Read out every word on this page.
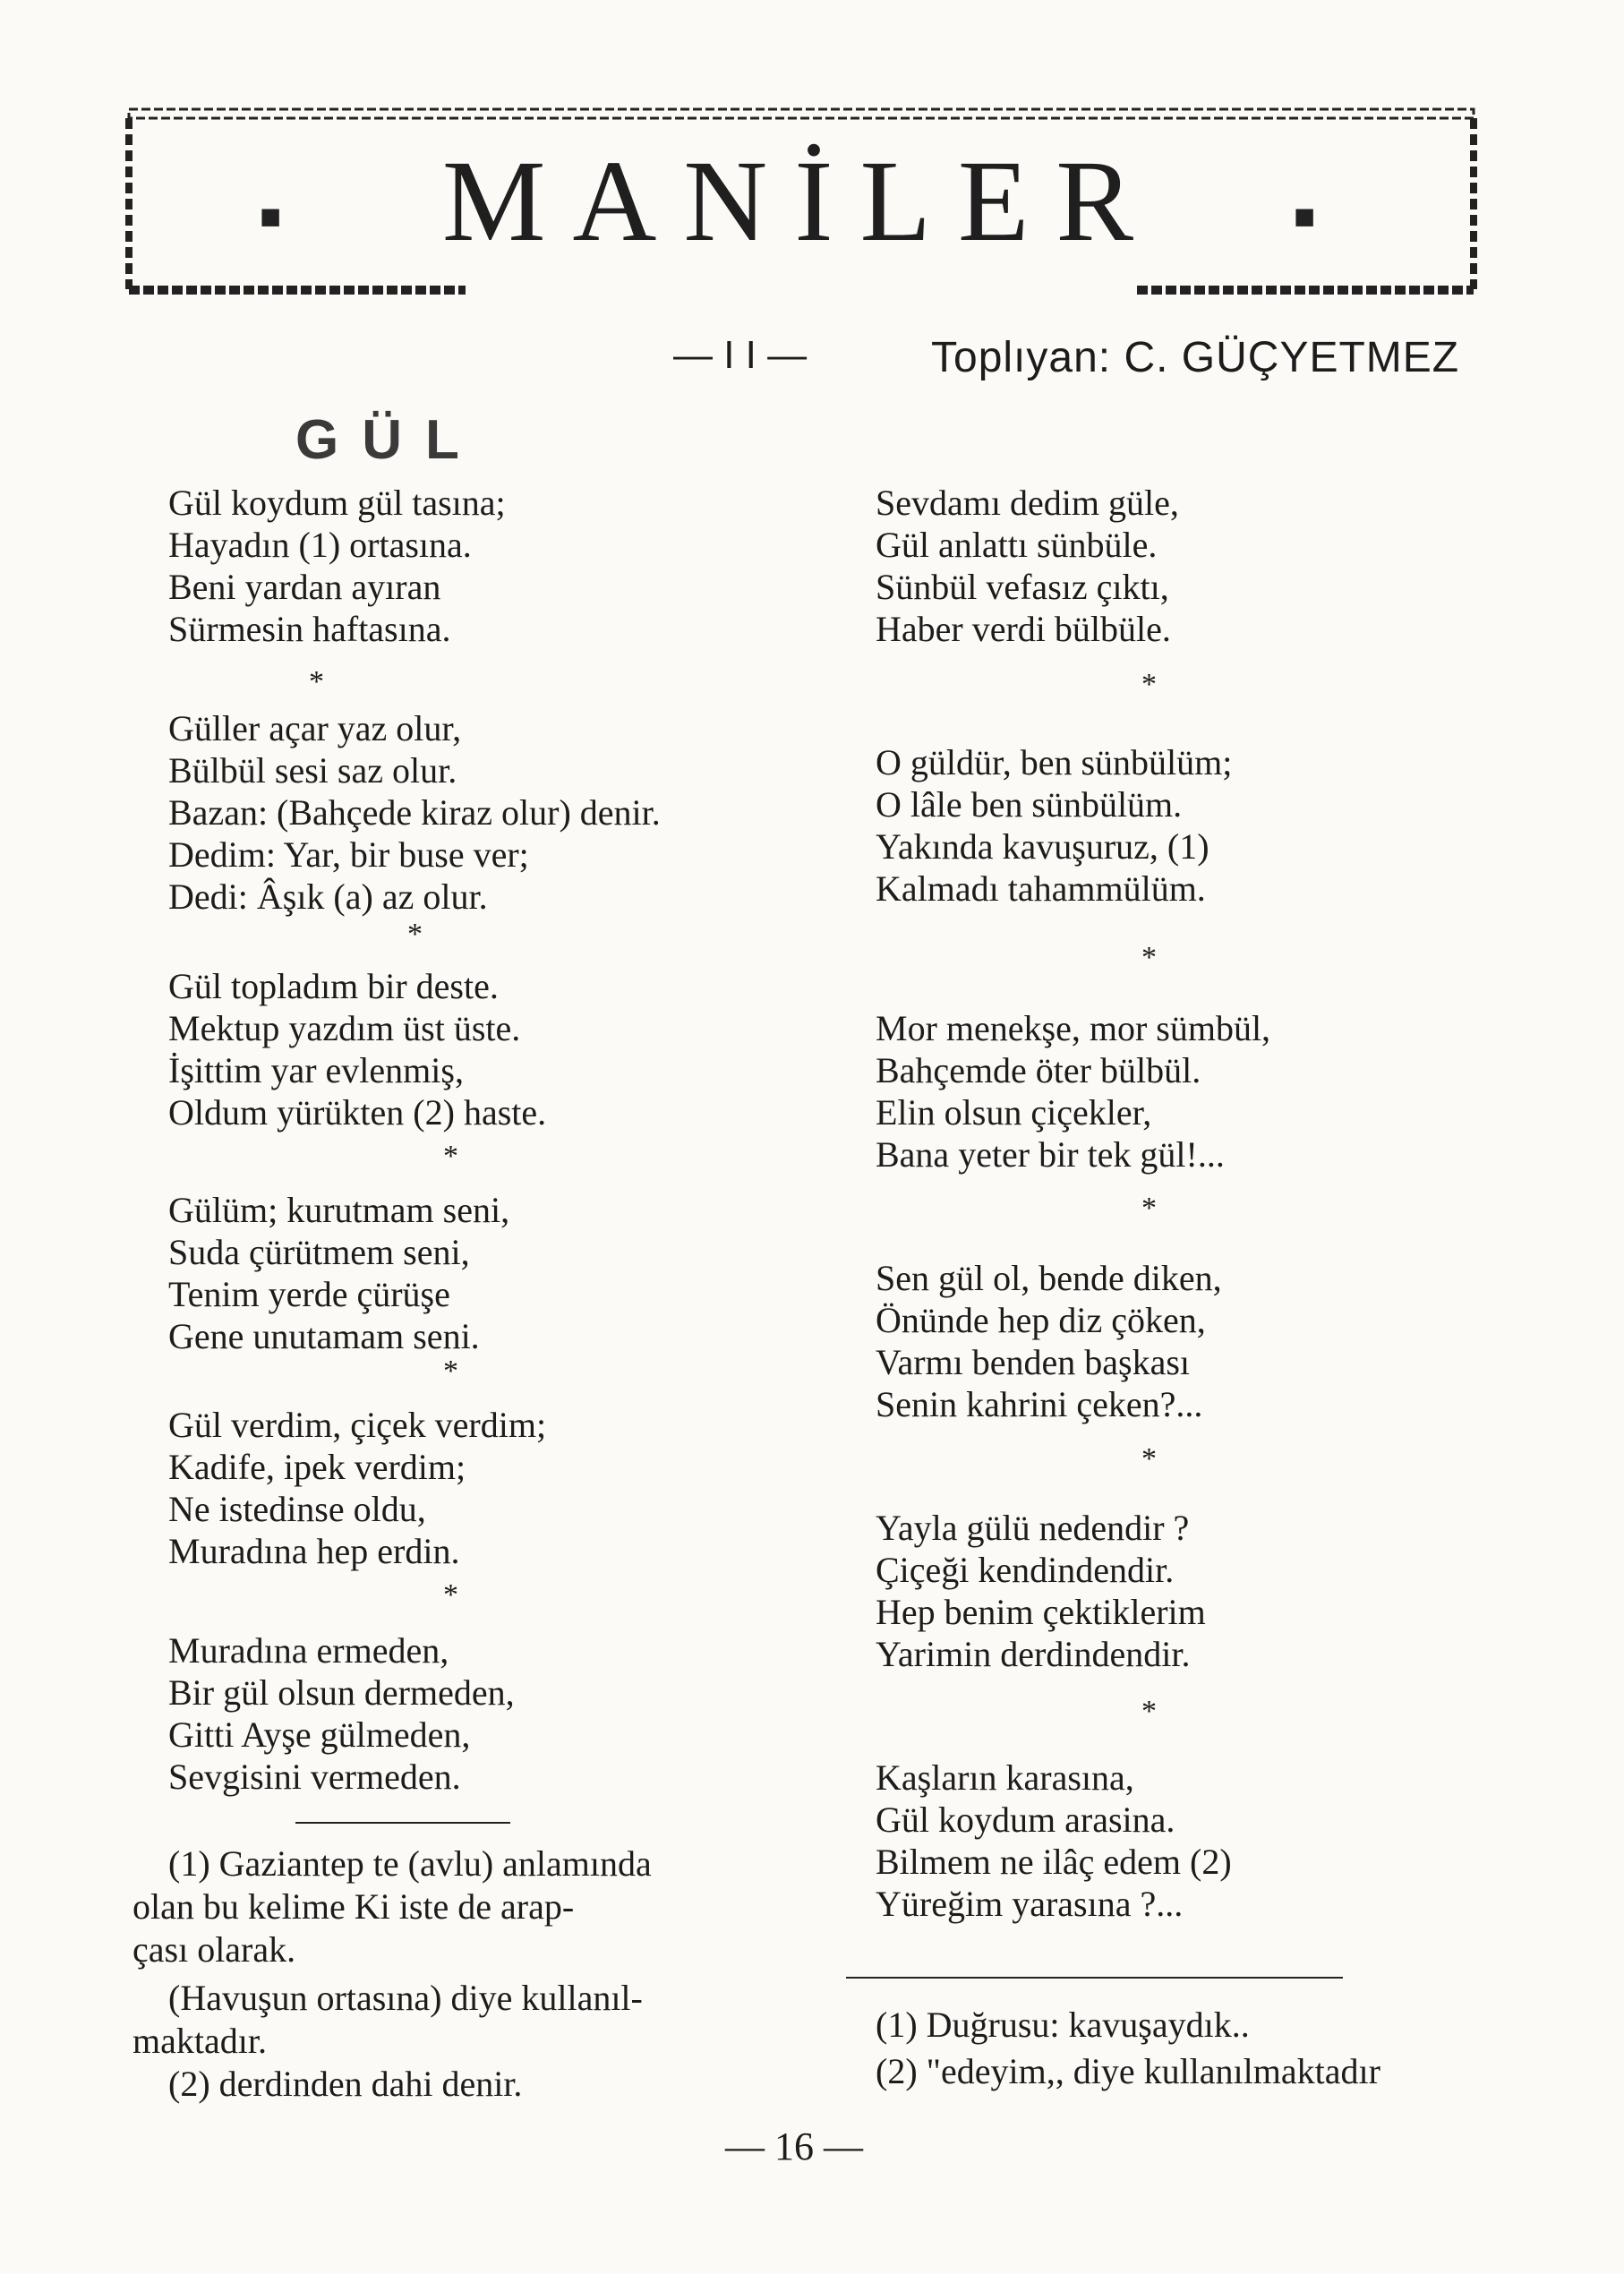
■	■
MANİLER
— I I —	Toplıyan: C. GÜÇYETMEZ
GÜL
Gül koydum gül tasına;
Hayadın (1) ortasına.
Beni yardan ayıran
Sürmesin haftasına.
*
Güller açar yaz olur,
Bülbül sesi saz olur.
Bazan: (Bahçede kiraz olur) denir.
Dedim: Yar, bir buse ver;
Dedi: Âşık (a) az olur.
*
Gül topladım bir deste.
Mektup yazdım üst üste.
İşittim yar evlenmiş,
Oldum yürükten (2) haste.
*
Gülüm; kurutmam seni,
Suda çürütmem seni,
Tenim yerde çürüşe
Gene unutamam seni.
*
Gül verdim, çiçek verdim;
Kadife, ipek verdim;
Ne istedinse oldu,
Muradına hep erdin.
*
Muradına ermeden,
Bir gül olsun dermeden,
Gitti Ayşe gülmeden,
Sevgisini vermeden.
(1) Gaziantep te (avlu) anlamında
olan bu kelime Ki iste de arap-
çası olarak.
(Havuşun ortasına) diye kullanıl-
maktadır.
(2) derdinden dahi denir.
Sevdamı dedim güle,
Gül anlattı sünbüle.
Sünbül vefasız çıktı,
Haber verdi bülbüle.
*
O güldür, ben sünbülüm;
O lâle ben sünbülüm.
Yakında kavuşuruz, (1)
Kalmadı tahammülüm.
*
Mor menekşe, mor sümbül,
Bahçemde öter bülbül.
Elin olsun çiçekler,
Bana yeter bir tek gül!...
*
Sen gül ol, bende diken,
Önünde hep diz çöken,
Varmı benden başkası
Senin kahrini çeken?...
*
Yayla gülü nedendir ?
Çiçeği kendindendir.
Hep benim çektiklerim
Yarimin derdindendir.
*
Kaşların karasına,
Gül koydum arasina.
Bilmem ne ilâç edem (2)
Yüreğim yarasına ?...
(1) Duğrusu: kavuşaydık..
(2) "edeyim,, diye kullanılmaktadır
— 16 —
